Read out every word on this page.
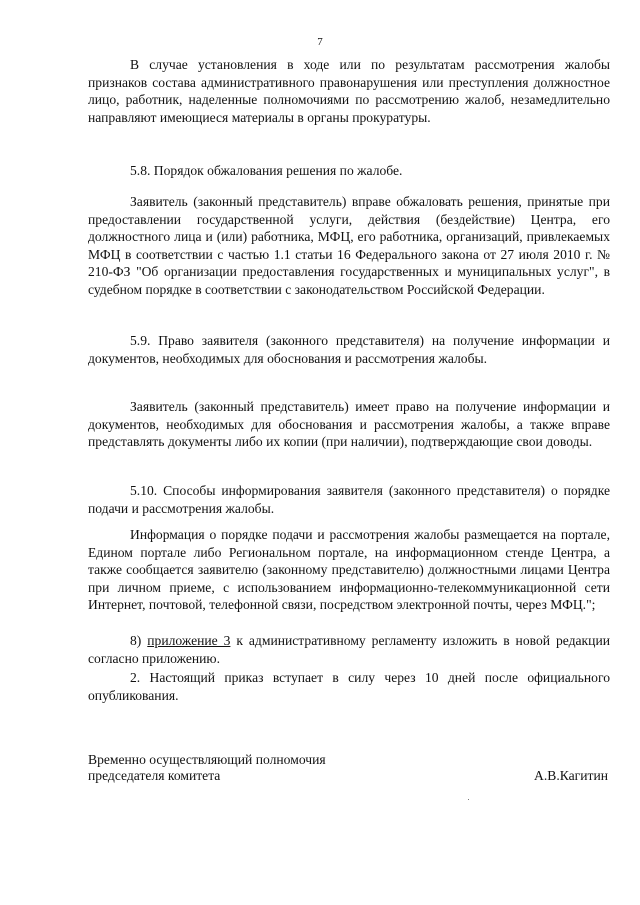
7

В случае установления в ходе или по результатам рассмотрения жалобы признаков состава административного правонарушения или преступления должностное лицо, работник, наделенные полномочиями по рассмотрению жалоб, незамедлительно направляют имеющиеся материалы в органы прокуратуры.

5.8. Порядок обжалования решения по жалобе.

Заявитель (законный представитель) вправе обжаловать решения, принятые при предоставлении государственной услуги, действия (бездействие) Центра, его должностного лица и (или) работника, МФЦ, его работника, организаций, привлекаемых МФЦ в соответствии с частью 1.1 статьи 16 Федерального закона от 27 июля 2010 г. № 210-ФЗ "Об организации предоставления государственных и муниципальных услуг", в судебном порядке в соответствии с законодательством Российской Федерации.

5.9. Право заявителя (законного представителя) на получение информации и документов, необходимых для обоснования и рассмотрения жалобы.

Заявитель (законный представитель) имеет право на получение информации и документов, необходимых для обоснования и рассмотрения жалобы, а также вправе представлять документы либо их копии (при наличии), подтверждающие свои доводы.

5.10. Способы информирования заявителя (законного представителя) о порядке подачи и рассмотрения жалобы.

Информация о порядке подачи и рассмотрения жалобы размещается на портале, Едином портале либо Региональном портале, на информационном стенде Центра, а также сообщается заявителю (законному представителю) должностными лицами Центра при личном приеме, с использованием информационно-телекоммуникационной сети Интернет, почтовой, телефонной связи, посредством электронной почты, через МФЦ.";

8) приложение 3 к административному регламенту изложить в новой редакции согласно приложению.

2. Настоящий приказ вступает в силу через 10 дней после официального опубликования.

Временно осуществляющий полномочия
председателя комитета	А.В.Кагитин
